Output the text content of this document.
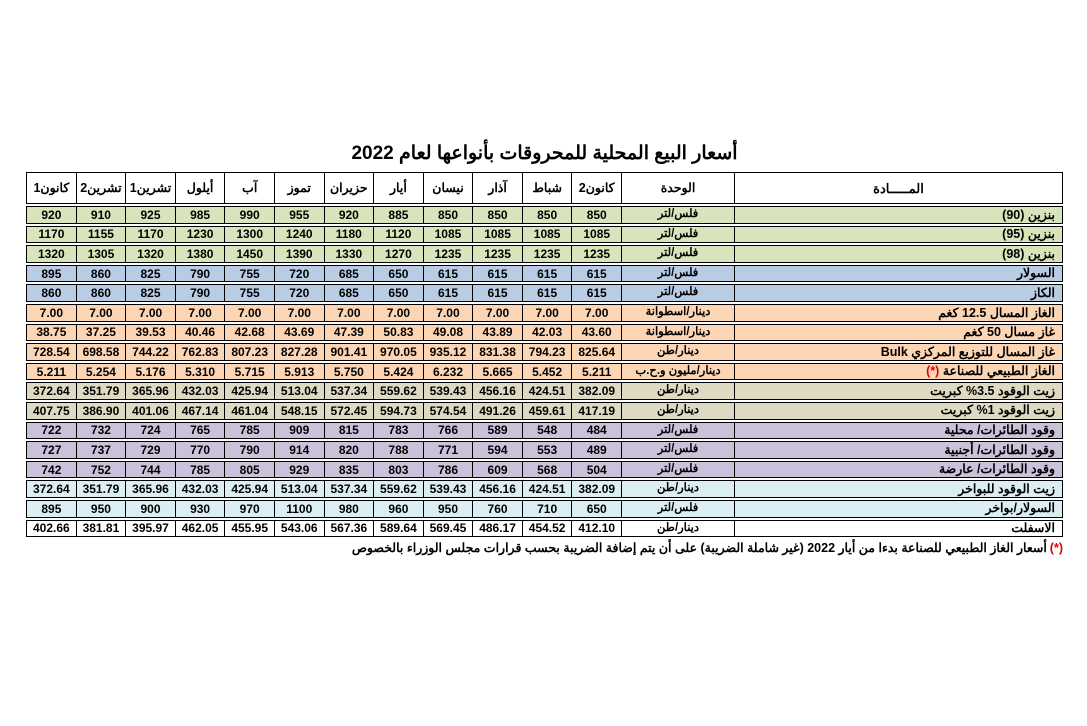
أسعار البيع المحلية للمحروقات بأنواعها لعام 2022
المـــــادة
الوحدة
كانون2
شباط
آذار
نيسان
أيار
حزيران
تموز
آب
أيلول
تشرين1
تشرين2
كانون1
بنزين (90)
فلس/لتر
850
850
850
850
885
920
955
990
985
925
910
920
بنزين (95)
فلس/لتر
1085
1085
1085
1085
1120
1180
1240
1300
1230
1170
1155
1170
بنزين (98)
فلس/لتر
1235
1235
1235
1235
1270
1330
1390
1450
1380
1320
1305
1320
السولار
فلس/لتر
615
615
615
615
650
685
720
755
790
825
860
895
الكاز
فلس/لتر
615
615
615
615
650
685
720
755
790
825
860
860
الغاز المسال 12.5 كغم
دينار/اسطوانة
7.00
7.00
7.00
7.00
7.00
7.00
7.00
7.00
7.00
7.00
7.00
7.00
غاز مسال 50 كغم
دينار/اسطوانة
43.60
42.03
43.89
49.08
50.83
47.39
43.69
42.68
40.46
39.53
37.25
38.75
غاز المسال للتوزيع المركزي Bulk
دينار/طن
825.64
794.23
831.38
935.12
970.05
901.41
827.28
807.23
762.83
744.22
698.58
728.54
الغاز الطبيعي للصناعة
(*)
دينار/مليون و.ح.ب
5.211
5.452
5.665
6.232
5.424
5.750
5.913
5.715
5.310
5.176
5.254
5.211
زيت الوقود 3.5% كبريت
دينار/طن
382.09
424.51
456.16
539.43
559.62
537.34
513.04
425.94
432.03
365.96
351.79
372.64
زيت الوقود 1% كبريت
دينار/طن
417.19
459.61
491.26
574.54
594.73
572.45
548.15
461.04
467.14
401.06
386.90
407.75
وقود الطائرات/ محلية
فلس/لتر
484
548
589
766
783
815
909
785
765
724
732
722
وقود الطائرات/ أجنبية
فلس/لتر
489
553
594
771
788
820
914
790
770
729
737
727
وقود الطائرات/ عارضة
فلس/لتر
504
568
609
786
803
835
929
805
785
744
752
742
زيت الوقود للبواخر
دينار/طن
382.09
424.51
456.16
539.43
559.62
537.34
513.04
425.94
432.03
365.96
351.79
372.64
السولار/بواخر
فلس/لتر
650
710
760
950
960
980
1100
970
930
900
950
895
الاسفلت
دينار/طن
412.10
454.52
486.17
569.45
589.64
567.36
543.06
455.95
462.05
395.97
381.81
402.66
(*)أسعار الغاز الطبيعي للصناعة بدءا من أيار 2022 (غير شاملة الضريبة) على أن يتم إضافة الضريبة بحسب قرارات مجلس الوزراء بالخصوص
